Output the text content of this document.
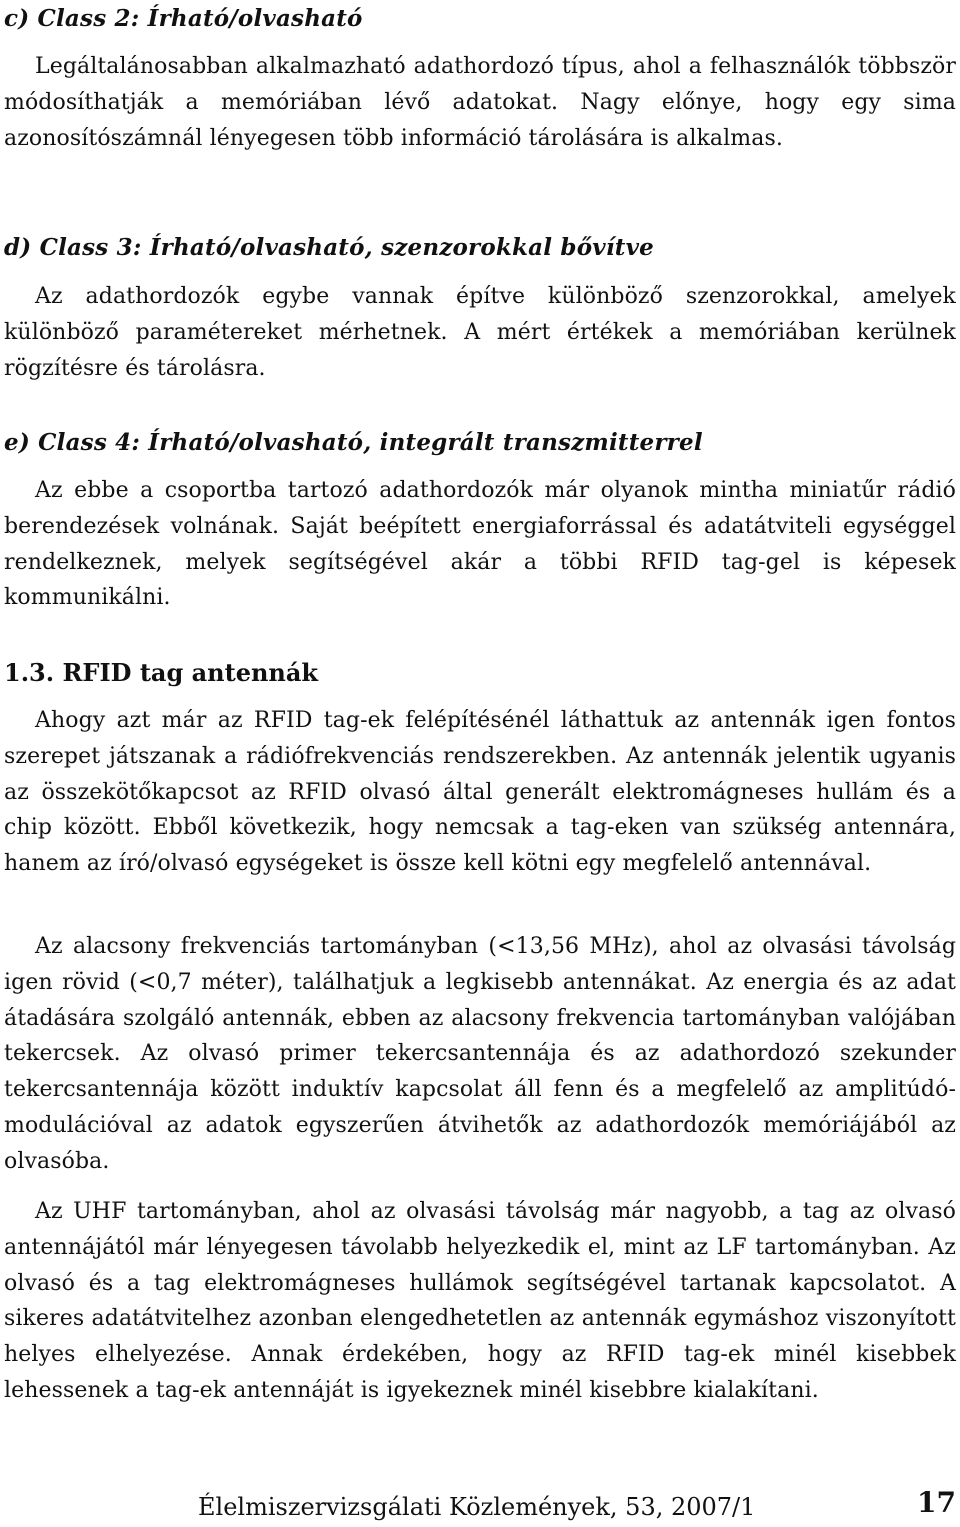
c) Class 2: Írható/olvasható

Legáltalánosabban alkalmazható adathordozó típus, ahol a felhasználók többször módosíthatják a memóriában lévő adatokat. Nagy előnye, hogy egy sima azonosítószámnál lényegesen több információ tárolására is alkalmas.

d) Class 3: Írható/olvasható, szenzorokkal bővítve

Az adathordozók egybe vannak építve különböző szenzorokkal, amelyek különböző paramétereket mérhetnek. A mért értékek a memóriában kerülnek rögzítésre és tárolásra.

e) Class 4: Írható/olvasható, integrált transzmitterrel

Az ebbe a csoportba tartozó adathordozók már olyanok mintha miniatűr rádió berendezések volnának. Saját beépített energiaforrással és adatátviteli egységgel rendelkeznek, melyek segítségével akár a többi RFID tag-gel is képesek kommunikálni.

1.3. RFID tag antennák

Ahogy azt már az RFID tag-ek felépítésénél láthattuk az antennák igen fontos szerepet játszanak a rádiófrekvenciás rendszerekben. Az antennák jelentik ugyanis az összekötőkapcsot az RFID olvasó által generált elektromágneses hullám és a chip között. Ebből következik, hogy nemcsak a tag-eken van szükség antennára, hanem az író/olvasó egységeket is össze kell kötni egy megfelelő antennával.

Az alacsony frekvenciás tartományban (<13,56 MHz), ahol az olvasási távolság igen rövid (<0,7 méter), találhatjuk a legkisebb antennákat. Az energia és az adat átadására szolgáló antennák, ebben az alacsony frekvencia tartományban valójában tekercsek. Az olvasó primer tekercsantennája és az adathordozó szekunder tekercsantennája között induktív kapcsolat áll fenn és a megfelelő az amplitúdó-modulációval az adatok egyszerűen átvihetők az adathordozók memóriájából az olvasóba.

Az UHF tartományban, ahol az olvasási távolság már nagyobb, a tag az olvasó antennájától már lényegesen távolabb helyezkedik el, mint az LF tartományban. Az olvasó és a tag elektromágneses hullámok segítségével tartanak kapcsolatot. A sikeres adatátvitelhez azonban elengedhetetlen az antennák egymáshoz viszonyított helyes elhelyezése. Annak érdekében, hogy az RFID tag-ek minél kisebbek lehessenek a tag-ek antennáját is igyekeznek minél kisebbre kialakítani.

Élelmiszervizsgálati Közlemények, 53, 2007/1	17
